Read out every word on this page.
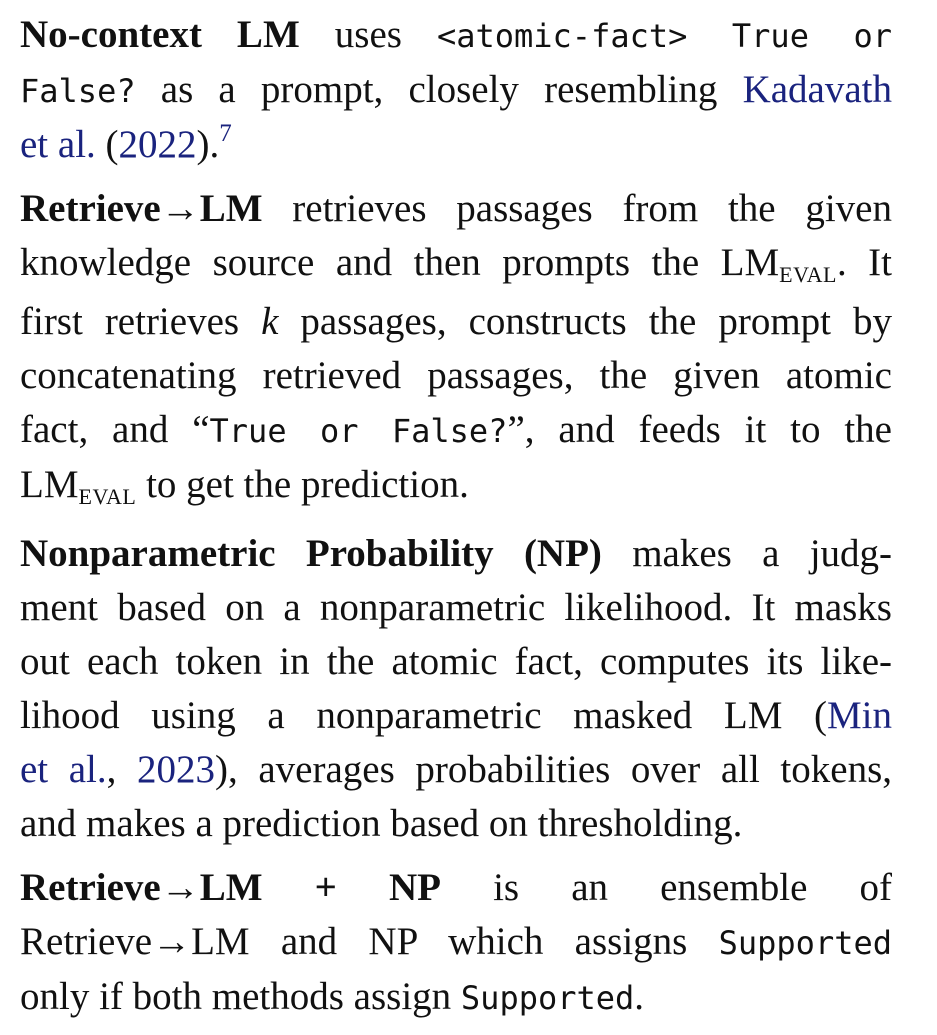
No-context LM uses <atomic-fact> True or
False? as a prompt, closely resembling Kadavath
et al. (2022).$^7$
Retrieve→LM retrieves passages from the given
knowledge source and then prompts the LMEVAL. It
first retrieves k passages, constructs the prompt by
concatenating retrieved passages, the given atomic
fact, and “True or False?”, and feeds it to the
LMEVAL to get the prediction.
Nonparametric Probability (NP) makes a judg-
ment based on a nonparametric likelihood. It masks
out each token in the atomic fact, computes its like-
lihood using a nonparametric masked LM (Min
et al., 2023), averages probabilities over all tokens,
and makes a prediction based on thresholding.
Retrieve→LM + NP is an ensemble of
Retrieve→LM and NP which assigns Supported
only if both methods assign Supported.
